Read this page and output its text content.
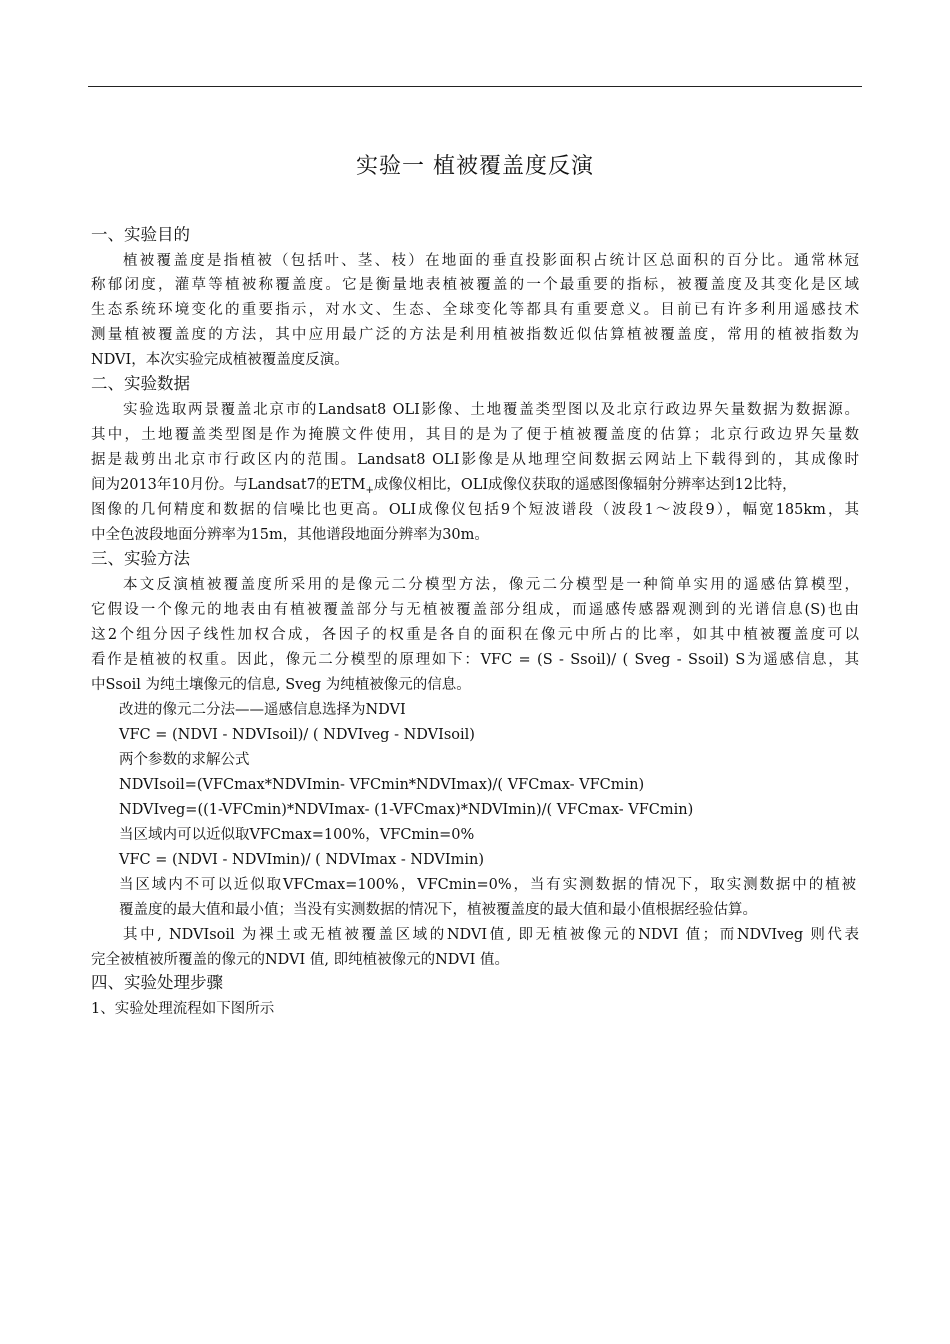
实验一 植被覆盖度反演
一、实验目的
植被覆盖度是指植被（包括叶、茎、枝）在地面的垂直投影面积占统计区总面积的百分比。通常林冠
称郁闭度，灌草等植被称覆盖度。它是衡量地表植被覆盖的一个最重要的指标，被覆盖度及其变化是区域
生态系统环境变化的重要指示，对水文、生态、全球变化等都具有重要意义。目前已有许多利用遥感技术
测量植被覆盖度的方法，其中应用最广泛的方法是利用植被指数近似估算植被覆盖度，常用的植被指数为
NDVI，本次实验完成植被覆盖度反演。
二、实验数据
实验选取两景覆盖北京市的Landsat8 OLI影像、土地覆盖类型图以及北京行政边界矢量数据为数据源。
其中，土地覆盖类型图是作为掩膜文件使用，其目的是为了便于植被覆盖度的估算；北京行政边界矢量数
据是裁剪出北京市行政区内的范围。Landsat8 OLI影像是从地理空间数据云网站上下载得到的，其成像时
间为2013年10月份。与Landsat7的$ETM_+$成像仪相比，OLI成像仪获取的遥感图像辐射分辨率达到12比特，
图像的几何精度和数据的信噪比也更高。OLI成像仪包括9个短波谱段（波段1～波段9），幅宽185km，其
中全色波段地面分辨率为15m，其他谱段地面分辨率为30m。
三、实验方法
本文反演植被覆盖度所采用的是像元二分模型方法，像元二分模型是一种简单实用的遥感估算模型，
它假设一个像元的地表由有植被覆盖部分与无植被覆盖部分组成，而遥感传感器观测到的光谱信息(S)也由
这2个组分因子线性加权合成，各因子的权重是各自的面积在像元中所占的比率，如其中植被覆盖度可以
看作是植被的权重。因此，像元二分模型的原理如下：VFC = (S - Ssoil)/ ( Sveg - Ssoil) S为遥感信息，其
中Ssoil 为纯土壤像元的信息, Sveg 为纯植被像元的信息。
改进的像元二分法——遥感信息选择为NDVI
VFC = (NDVI - NDVIsoil)/ ( NDVIveg - NDVIsoil)
两个参数的求解公式
NDVIsoil=(VFCmax*NDVImin- VFCmin*NDVImax)/( VFCmax- VFCmin)
NDVIveg=((1-VFCmin)*NDVImax- (1-VFCmax)*NDVImin)/( VFCmax- VFCmin)
当区域内可以近似取VFCmax=100%，VFCmin=0%
VFC = (NDVI - NDVImin)/ ( NDVImax - NDVImin)
当区域内不可以近似取VFCmax=100%，VFCmin=0%，当有实测数据的情况下，取实测数据中的植被
覆盖度的最大值和最小值；当没有实测数据的情况下，植被覆盖度的最大值和最小值根据经验估算。
其中, NDVIsoil 为裸土或无植被覆盖区域的NDVI值, 即无植被像元的NDVI 值；而NDVIveg 则代表
完全被植被所覆盖的像元的NDVI 值, 即纯植被像元的NDVI 值。
四、实验处理步骤
1、实验处理流程如下图所示
